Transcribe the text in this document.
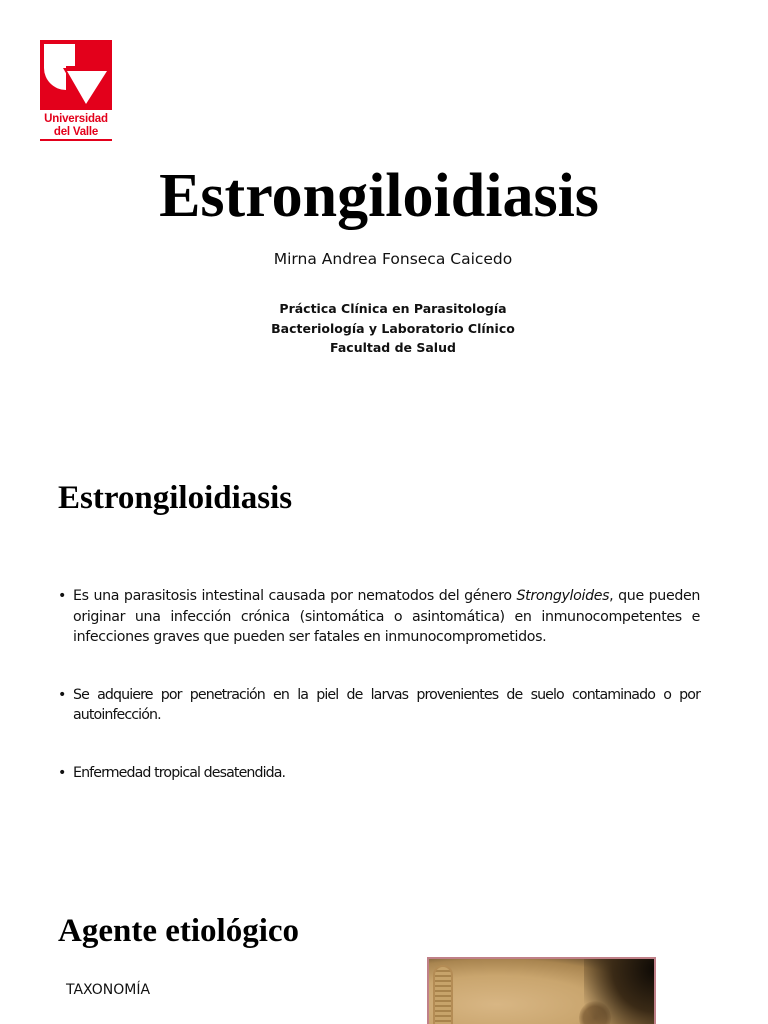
Universidad
del Valle
Estrongiloidiasis
Mirna Andrea Fonseca Caicedo
Práctica Clínica en Parasitología
Bacteriología y Laboratorio Clínico
Facultad de Salud
Estrongiloidiasis
• Es una parasitosis intestinal causada por nematodos del género Strongyloides, que pueden originar una infección crónica (sintomática o asintomática) en inmunocompetentes e infecciones graves que pueden ser fatales en inmunocomprometidos.
• Se adquiere por penetración en la piel de larvas provenientes de suelo contaminado o por autoinfección.
• Enfermedad tropical desatendida.
Agente etiológico
TAXONOMÍA
